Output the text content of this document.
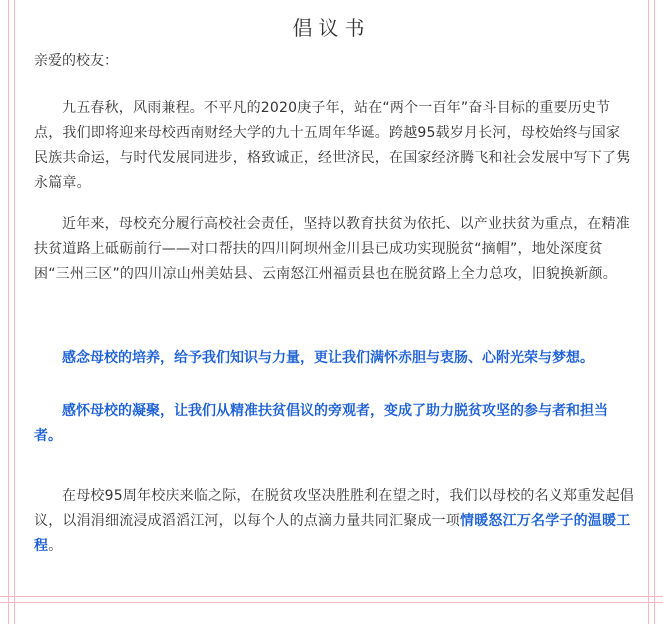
倡议书
亲爱的校友：

九五春秋，风雨兼程。不平凡的2020庚子年，站在“两个一百年”奋斗目标的重要历史节点，我们即将迎来母校西南财经大学的九十五周年华诞。跨越95载岁月长河，母校始终与国家民族共命运，与时代发展同进步，格致诚正，经世济民，在国家经济腾飞和社会发展中写下了隽永篇章。

近年来，母校充分履行高校社会责任，坚持以教育扶贫为依托、以产业扶贫为重点，在精准扶贫道路上砥砺前行——对口帮扶的四川阿坝州金川县已成功实现脱贫“摘帽”，地处深度贫困“三州三区”的四川凉山州美姑县、云南怒江州福贡县也在脱贫路上全力总攻，旧貌换新颜。

感念母校的培养，给予我们知识与力量，更让我们满怀赤胆与衷肠、心附光荣与梦想。

感怀母校的凝聚，让我们从精准扶贫倡议的旁观者，变成了助力脱贫攻坚的参与者和担当者。

在母校95周年校庆来临之际，在脱贫攻坚决胜胜利在望之时，我们以母校的名义郑重发起倡议，以涓涓细流浸成滔滔江河，以每个人的点滴力量共同汇聚成一项情暖怒江万名学子的温暖工程。
